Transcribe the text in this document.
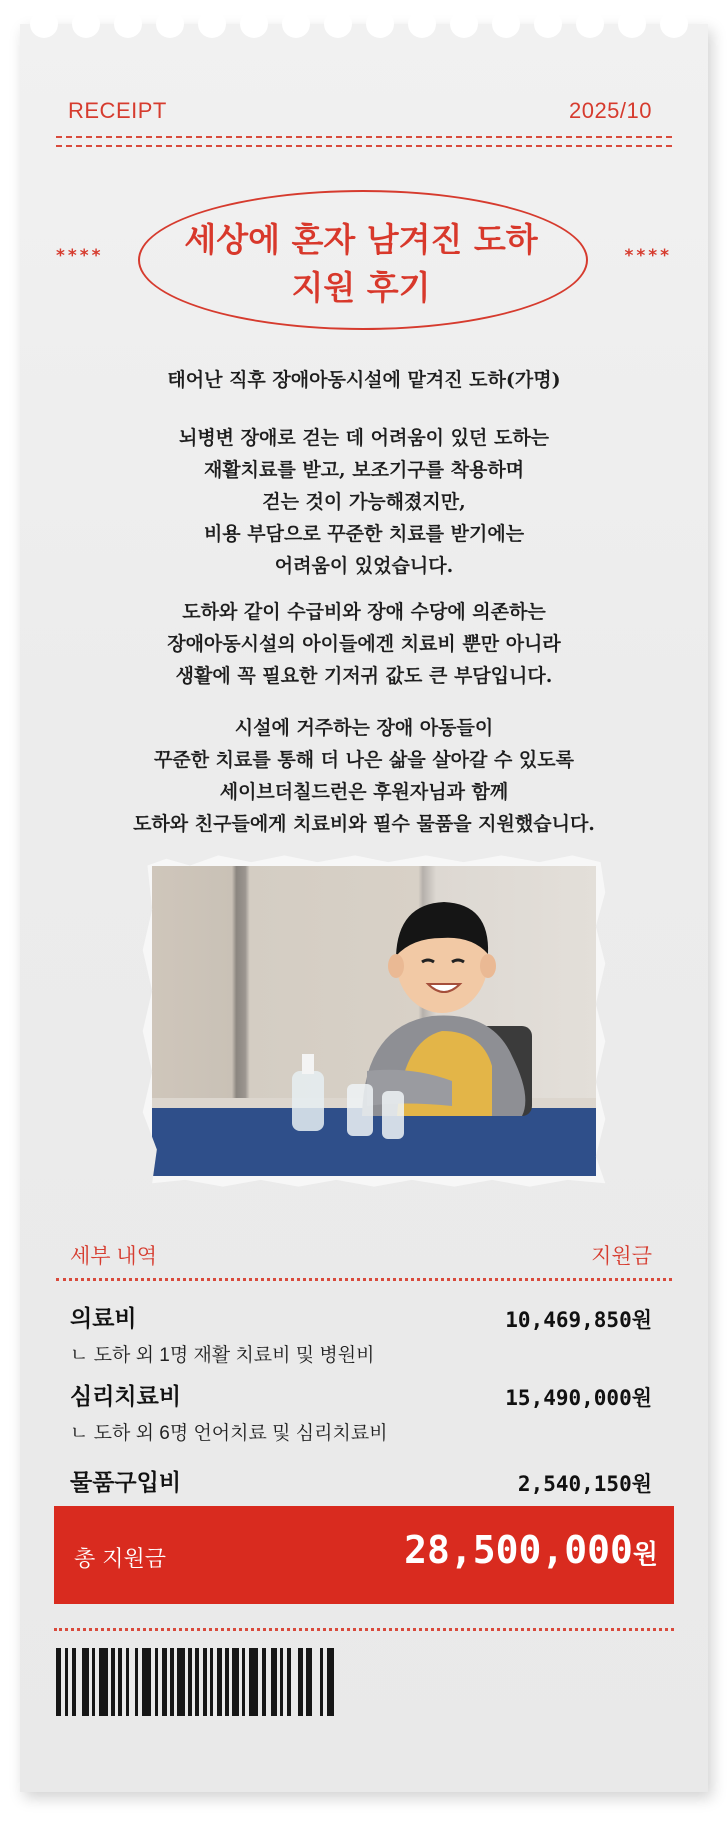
RECEIPT	2025/10
****	****
세상에 혼자 남겨진 도하
지원 후기
태어난 직후 장애아동시설에 맡겨진 도하(가명)
뇌병변 장애로 걷는 데 어려움이 있던 도하는
재활치료를 받고, 보조기구를 착용하며
걷는 것이 가능해졌지만,
비용 부담으로 꾸준한 치료를 받기에는
어려움이 있었습니다.
도하와 같이 수급비와 장애 수당에 의존하는
장애아동시설의 아이들에겐 치료비 뿐만 아니라
생활에 꼭 필요한 기저귀 값도 큰 부담입니다.
시설에 거주하는 장애 아동들이
꾸준한 치료를 통해 더 나은 삶을 살아갈 수 있도록
세이브더칠드런은 후원자님과 함께
도하와 친구들에게 치료비와 필수 물품을 지원했습니다.
세부 내역	지원금
의료비	10,469,850원
ㄴ 도하 외 1명 재활 치료비 및 병원비
심리치료비	15,490,000원
ㄴ 도하 외 6명 언어치료 및 심리치료비
물품구입비	2,540,150원
총 지원금	28,500,000원
